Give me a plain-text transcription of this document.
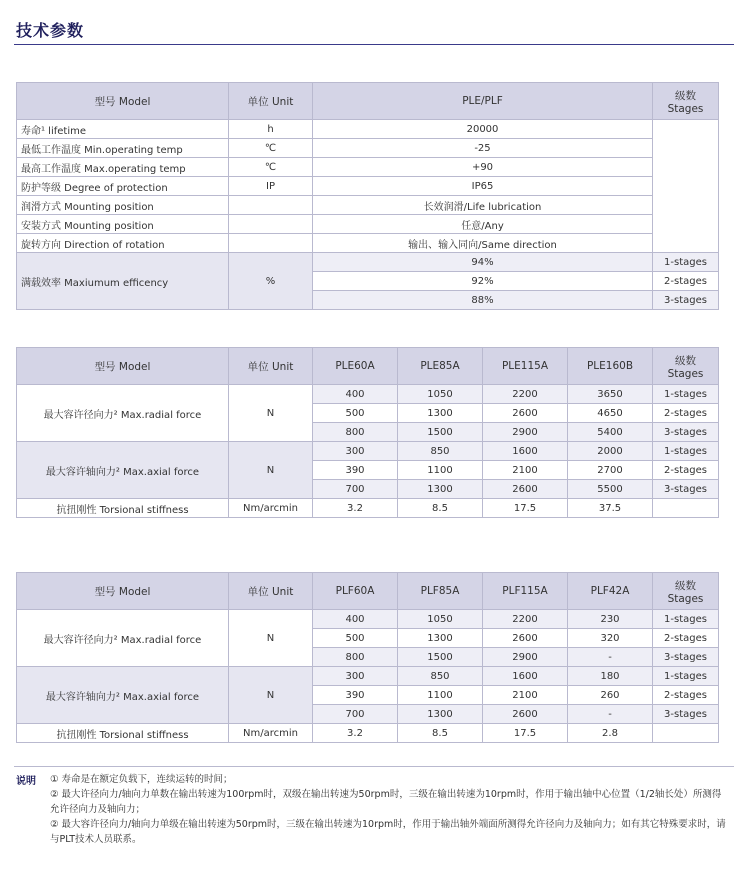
技术参数
型号 Model	单位 Unit	PLE/PLF	级数 Stages
寿命¹ lifetime	h	20000	
最低工作温度 Min.operating temp	℃	-25	
最高工作温度 Max.operating temp	℃	+90	
防护等级 Degree of protection	IP	IP65	
润滑方式 Mounting position		长效润滑/Life lubrication	
安装方式 Mounting position		任意/Any	
旋转方向 Direction of rotation		输出、输入同向/Same direction	
满载效率 Maxiumum efficency	%	94%	1-stages
		92%	2-stages
		88%	3-stages
型号 Model	单位 Unit	PLE60A	PLE85A	PLE115A	PLE160B	级数 Stages
最大容许径向力² Max.radial force	N	400	1050	2200	3650	1-stages
		500	1300	2600	4650	2-stages
		800	1500	2900	5400	3-stages
最大容许轴向力² Max.axial force	N	300	850	1600	2000	1-stages
		390	1100	2100	2700	2-stages
		700	1300	2600	5500	3-stages
抗扭刚性 Torsional stiffness	Nm/arcmin	3.2	8.5	17.5	37.5	
型号 Model	单位 Unit	PLF60A	PLF85A	PLF115A	PLF42A	级数 Stages
最大容许径向力² Max.radial force	N	400	1050	2200	230	1-stages
		500	1300	2600	320	2-stages
		800	1500	2900	-	3-stages
最大容许轴向力² Max.axial force	N	300	850	1600	180	1-stages
		390	1100	2100	260	2-stages
		700	1300	2600	-	3-stages
抗扭刚性 Torsional stiffness	Nm/arcmin	3.2	8.5	17.5	2.8	
说明 ① 寿命是在额定负载下，连续运转的时间；
② 最大许径向力/轴向力单数在输出转速为100rpm时，双级在输出转速为50rpm时，三级在输出转速为10rpm时，作用于输出轴中心位置（1/2轴长处）所测得允许径向力及轴向力；
② 最大容许径向力/轴向力单级在输出转速为50rpm时，三级在输出转速为10rpm时，作用于输出轴外端面所测得允许径向力及轴向力；如有其它特殊要求时，请与PLT技术人员联系。
